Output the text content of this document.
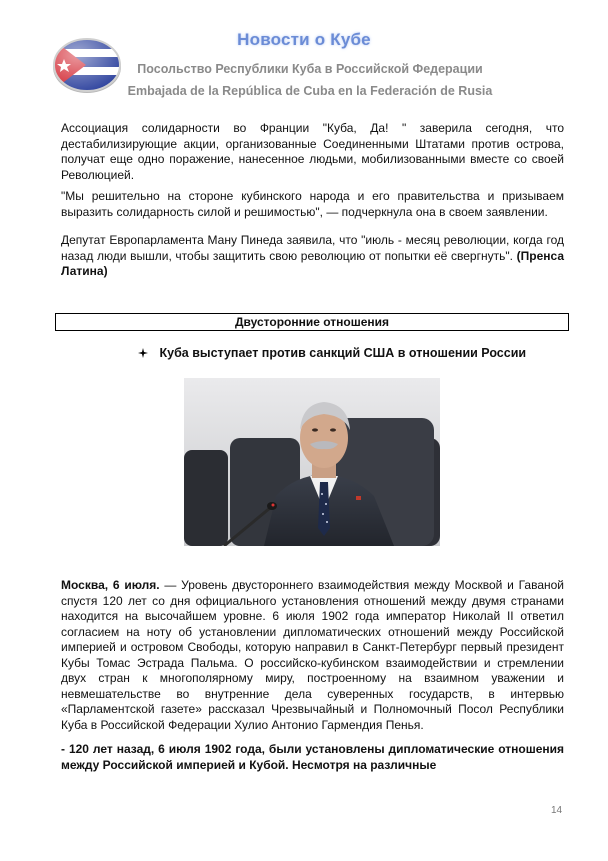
Новости о Кубе
Посольство Республики Куба в Российской Федерации
Embajada de la República de Cuba en la Federación de Rusia
Ассоциация солидарности во Франции "Куба, Да! " заверила сегодня, что дестабилизирующие акции, организованные Соединенными Штатами против острова, получат еще одно поражение, нанесенное людьми, мобилизованными вместе со своей Революцией.
"Мы решительно на стороне кубинского народа и его правительства и призываем выразить солидарность силой и решимостью", — подчеркнула она в своем заявлении.
Депутат Европарламента Ману Пинеда заявила, что "июль - месяц революции, когда год назад люди вышли, чтобы защитить свою революцию от попытки её свергнуть". (Пренса Латина)
Двусторонние отношения
Куба выступает против санкций США в отношении России
Москва, 6 июля. — Уровень двустороннего взаимодействия между Москвой и Гаваной спустя 120 лет со дня официального установления отношений между двумя странами находится на высочайшем уровне. 6 июля 1902 года император Николай II ответил согласием на ноту об установлении дипломатических отношений между Российской империей и островом Свободы, которую направил в Санкт-Петербург первый президент Кубы Томас Эстрада Пальма. О российско-кубинском взаимодействии и стремлении двух стран к многополярному миру, построенному на взаимном уважении и невмешательстве во внутренние дела суверенных государств, в интервью «Парламентской газете» рассказал Чрезвычайный и Полномочный Посол Республики Куба в Российской Федерации Хулио Антонио Гармендия Пенья.
- 120 лет назад, 6 июля 1902 года, были установлены дипломатические отношения между Российской империей и Кубой. Несмотря на различные
14
